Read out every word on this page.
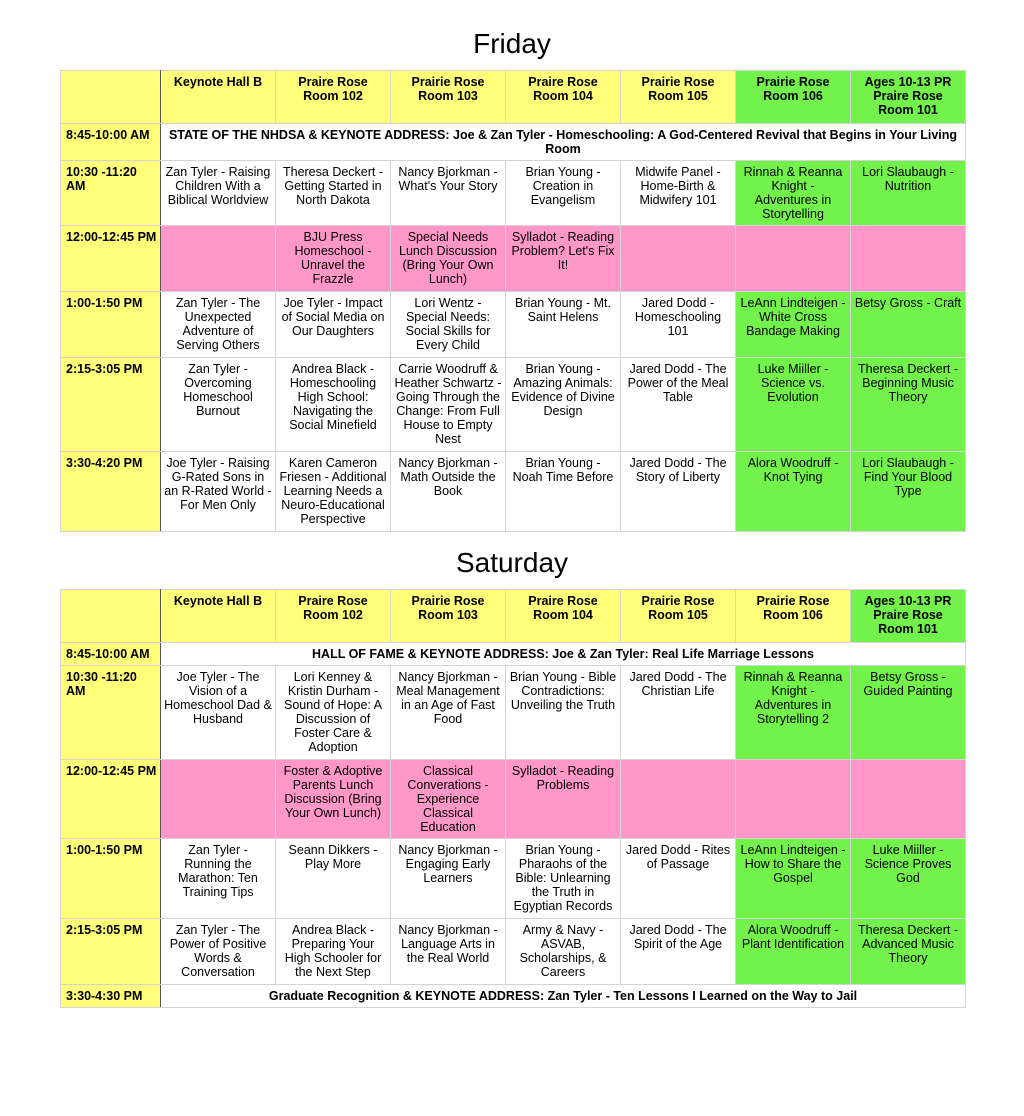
Friday
	Keynote Hall B	Praire Rose Room 102	Prairie Rose Room 103	Praire Rose Room 104	Prairie Rose Room 105	Prairie Rose Room 106	Ages 10-13 PR Praire Rose Room 101
8:45-10:00 AM	STATE OF THE NHDSA & KEYNOTE ADDRESS: Joe & Zan Tyler - Homeschooling: A God-Centered Revival that Begins in Your Living Room						
10:30 -11:20 AM	Zan Tyler - Raising Children With a Biblical Worldview	Theresa Deckert - Getting Started in North Dakota	Nancy Bjorkman - What's Your Story	Brian Young - Creation in Evangelism	Midwife Panel - Home-Birth & Midwifery 101	Rinnah & Reanna Knight - Adventures in Storytelling	Lori Slaubaugh - Nutrition
12:00-12:45 PM		BJU Press Homeschool - Unravel the Frazzle	Special Needs Lunch Discussion (Bring Your Own Lunch)	Sylladot - Reading Problem? Let's Fix It!			
1:00-1:50 PM	Zan Tyler - The Unexpected Adventure of Serving Others	Joe Tyler - Impact of Social Media on Our Daughters	Lori Wentz - Special Needs: Social Skills for Every Child	Brian Young - Mt. Saint Helens	Jared Dodd - Homeschooling 101	LeAnn Lindteigen - White Cross Bandage Making	Betsy Gross - Craft
2:15-3:05 PM	Zan Tyler - Overcoming Homeschool Burnout	Andrea Black - Homeschooling High School: Navigating the Social Minefield	Carrie Woodruff & Heather Schwartz - Going Through the Change: From Full House to Empty Nest	Brian Young - Amazing Animals: Evidence of Divine Design	Jared Dodd - The Power of the Meal Table	Luke Miiller - Science vs. Evolution	Theresa Deckert - Beginning Music Theory
3:30-4:20 PM	Joe Tyler - Raising G-Rated Sons in an R-Rated World - For Men Only	Karen Cameron Friesen - Additional Learning Needs a Neuro-Educational Perspective	Nancy Bjorkman - Math Outside the Book	Brian Young - Noah Time Before	Jared Dodd - The Story of Liberty	Alora Woodruff - Knot Tying	Lori Slaubaugh - Find Your Blood Type
Saturday
	Keynote Hall B	Praire Rose Room 102	Prairie Rose Room 103	Praire Rose Room 104	Prairie Rose Room 105	Prairie Rose Room 106	Ages 10-13 PR Praire Rose Room 101
8:45-10:00 AM	HALL OF FAME & KEYNOTE ADDRESS: Joe & Zan Tyler: Real Life Marriage Lessons						
10:30 -11:20 AM	Joe Tyler - The Vision of a Homeschool Dad & Husband	Lori Kenney & Kristin Durham - Sound of Hope: A Discussion of Foster Care & Adoption	Nancy Bjorkman - Meal Management in an Age of Fast Food	Brian Young - Bible Contradictions: Unveiling the Truth	Jared Dodd - The Christian Life	Rinnah & Reanna Knight - Adventures in Storytelling 2	Betsy Gross - Guided Painting
12:00-12:45 PM		Foster & Adoptive Parents Lunch Discussion (Bring Your Own Lunch)	Classical Converations - Experience Classical Education	Sylladot - Reading Problems			
1:00-1:50 PM	Zan Tyler - Running the Marathon: Ten Training Tips	Seann Dikkers - Play More	Nancy Bjorkman - Engaging Early Learners	Brian Young - Pharaohs of the Bible: Unlearning the Truth in Egyptian Records	Jared Dodd - Rites of Passage	LeAnn Lindteigen - How to Share the Gospel	Luke Miiller - Science Proves God
2:15-3:05 PM	Zan Tyler - The Power of Positive Words & Conversation	Andrea Black - Preparing Your High Schooler for the Next Step	Nancy Bjorkman - Language Arts in the Real World	Army & Navy - ASVAB, Scholarships, & Careers	Jared Dodd - The Spirit of the Age	Alora Woodruff - Plant Identification	Theresa Deckert - Advanced Music Theory
3:30-4:30 PM	Graduate Recognition & KEYNOTE ADDRESS: Zan Tyler - Ten Lessons I Learned on the Way to Jail						
